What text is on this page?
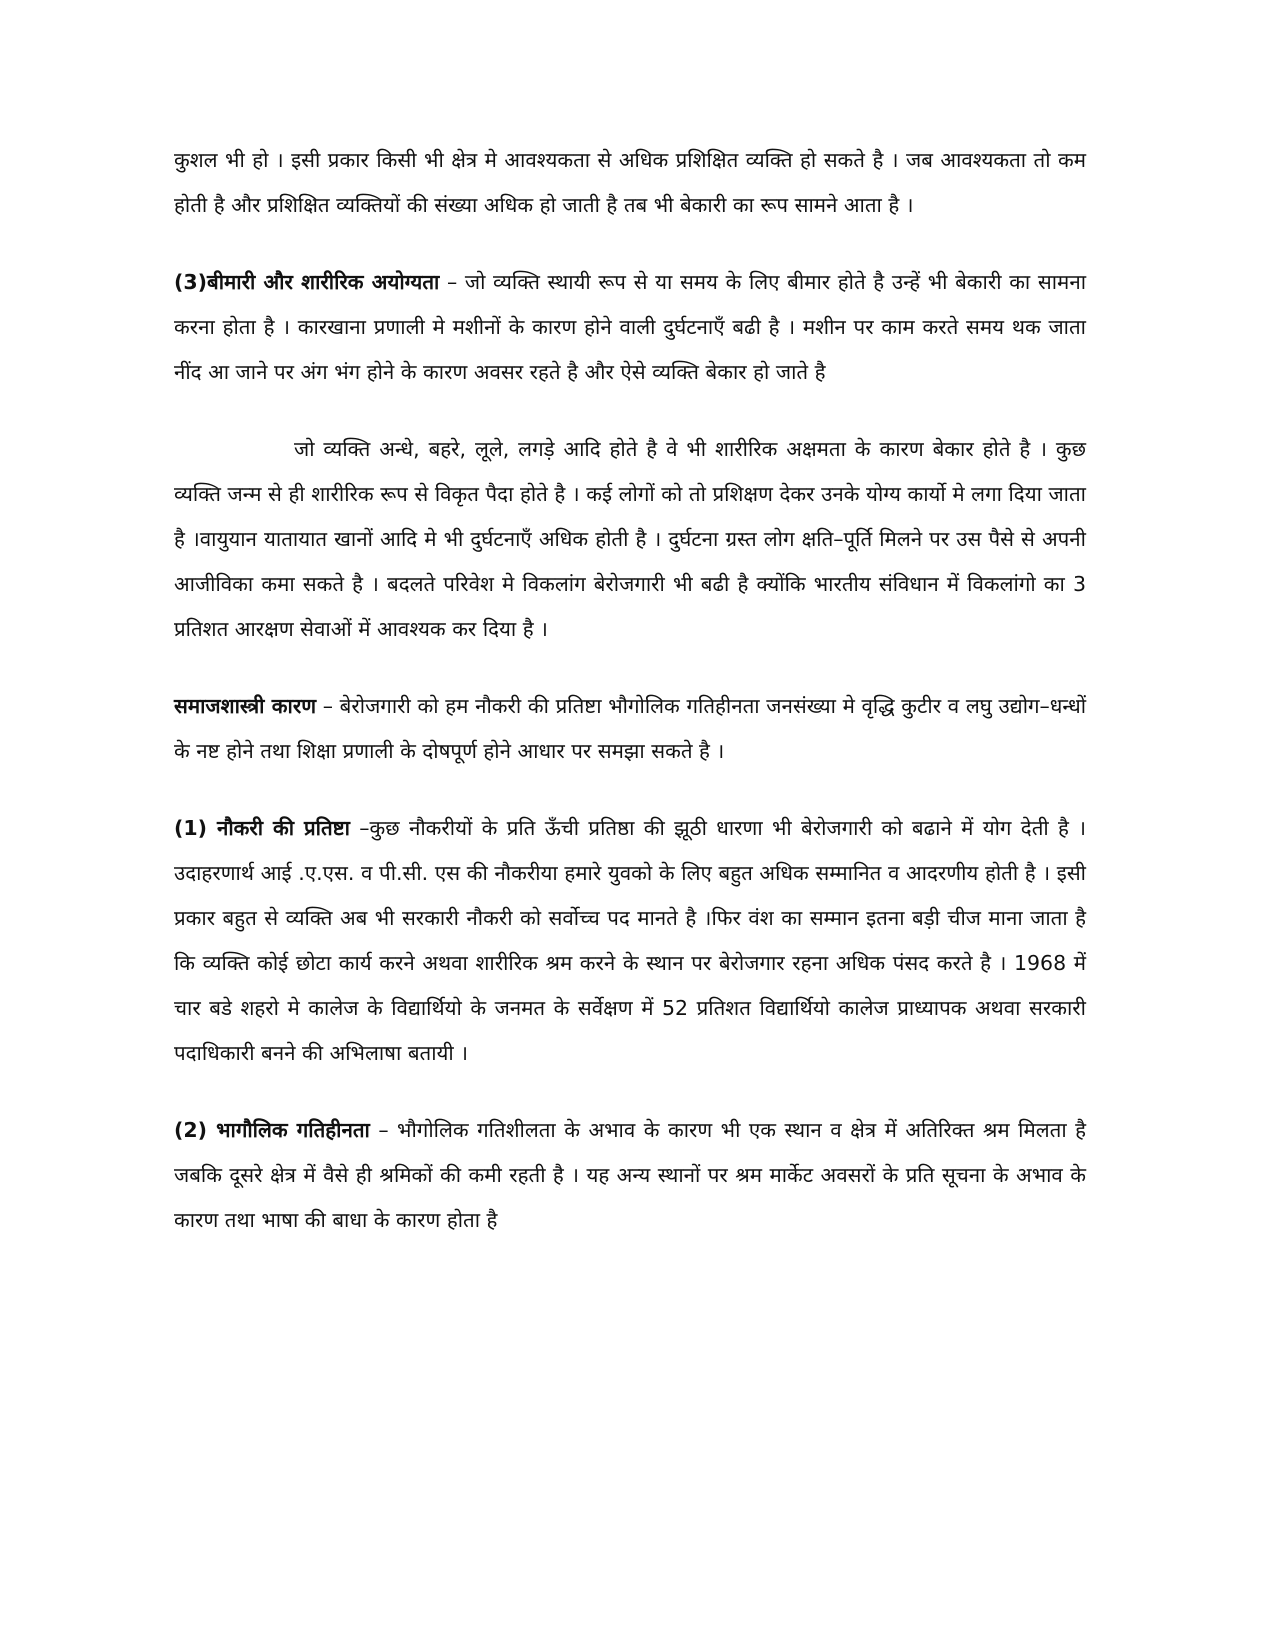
कुशल भी हो । इसी प्रकार किसी भी क्षेत्र मे आवश्यकता से अधिक प्रशिक्षित व्यक्ति हो सकते है । जब आवश्यकता तो कम होती है और प्रशिक्षित व्यक्तियों की संख्या अधिक हो जाती है तब भी बेकारी का रूप सामने आता है ।

(3)बीमारी और शारीरिक अयोग्यता – जो व्यक्ति स्थायी रूप से या समय के लिए बीमार होते है उन्हें भी बेकारी का सामना करना होता है । कारखाना प्रणाली मे मशीनों के कारण होने वाली दुर्घटनाएँ बढी है । मशीन पर काम करते समय थक जाता नींद आ जाने पर अंग भंग होने के कारण अवसर रहते है और ऐसे व्यक्ति बेकार हो जाते है

जो व्यक्ति अन्धे, बहरे, लूले, लगड़े आदि होते है वे भी शारीरिक अक्षमता के कारण बेकार होते है । कुछ व्यक्ति जन्म से ही शारीरिक रूप से विकृत पैदा होते है । कई लोगों को तो प्रशिक्षण देकर उनके योग्य कार्यो मे लगा दिया जाता है ।वायुयान यातायात खानों आदि मे भी दुर्घटनाएँ अधिक होती है । दुर्घटना ग्रस्त लोग क्षति–पूर्ति मिलने पर उस पैसे से अपनी आजीविका कमा सकते है । बदलते परिवेश मे विकलांग बेरोजगारी भी बढी है क्योंकि भारतीय संविधान में विकलांगो का 3 प्रतिशत आरक्षण सेवाओं में आवश्यक कर दिया है ।

समाजशास्त्री कारण – बेरोजगारी को हम नौकरी की प्रतिष्टा भौगोलिक गतिहीनता जनसंख्या मे वृद्धि कुटीर व लघु उद्योग–धन्धों के नष्ट होने तथा शिक्षा प्रणाली के दोषपूर्ण होने आधार पर समझा सकते है ।

(1) नौकरी की प्रतिष्टा –कुछ नौकरीयों के प्रति ऊँची प्रतिष्ठा की झूठी धारणा भी बेरोजगारी को बढाने में योग देती है । उदाहरणार्थ आई .ए.एस. व पी.सी. एस की नौकरीया हमारे युवको के लिए बहुत अधिक सम्मानित व आदरणीय होती है । इसी प्रकार बहुत से व्यक्ति अब भी सरकारी नौकरी को सर्वोच्च पद मानते है ।फिर वंश का सम्मान इतना बड़ी चीज माना जाता है कि व्यक्ति कोई छोटा कार्य करने अथवा शारीरिक श्रम करने के स्थान पर बेरोजगार रहना अधिक पंसद करते है । 1968 में चार बडे शहरो मे कालेज के विद्यार्थियो के जनमत के सर्वेक्षण में 52 प्रतिशत विद्यार्थियो कालेज प्राध्यापक अथवा सरकारी पदाधिकारी बनने की अभिलाषा बतायी ।

(2) भागौलिक गतिहीनता – भौगोलिक गतिशीलता के अभाव के कारण भी एक स्थान व क्षेत्र में अतिरिक्त श्रम मिलता है जबकि दूसरे क्षेत्र में वैसे ही श्रमिकों की कमी रहती है । यह अन्य स्थानों पर श्रम मार्केट अवसरों के प्रति सूचना के अभाव के कारण तथा भाषा की बाधा के कारण होता है
